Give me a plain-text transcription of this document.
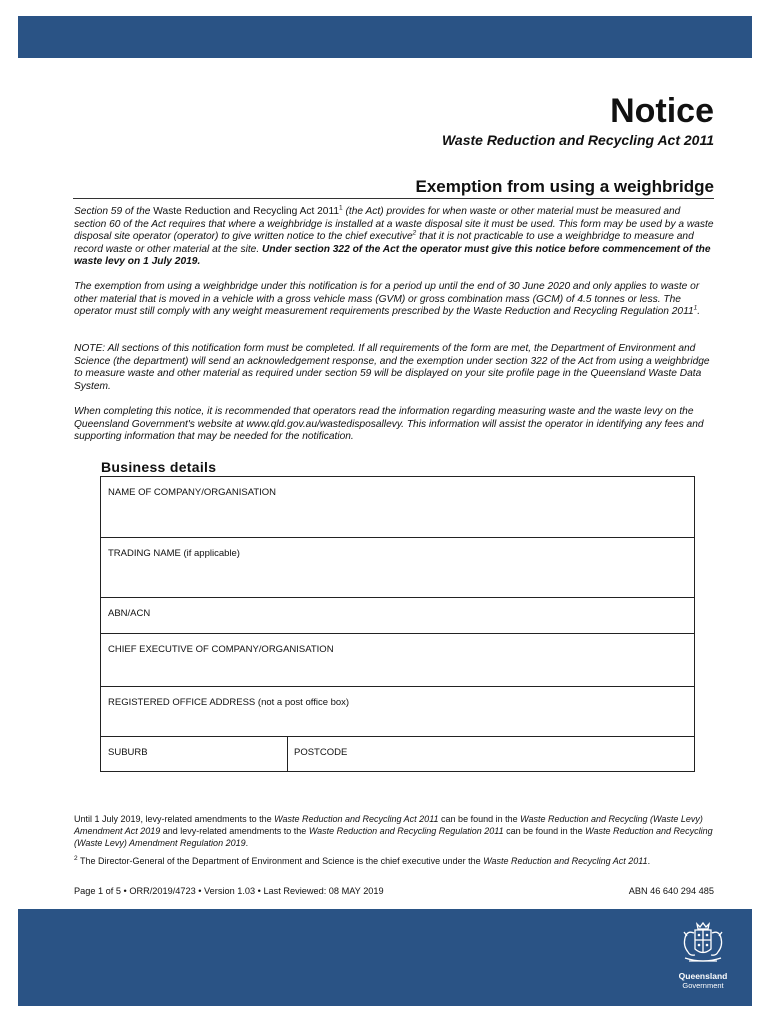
Notice
Waste Reduction and Recycling Act 2011
Exemption from using a weighbridge

Section 59 of the Waste Reduction and Recycling Act 2011$^1$ (the Act) provides for when waste or other material must be measured and section 60 of the Act requires that where a weighbridge is installed at a waste disposal site it must be used. This form may be used by a waste disposal site operator (operator) to give written notice to the chief executive$^2$ that it is not practicable to use a weighbridge to measure and record waste or other material at the site. Under section 322 of the Act the operator must give this notice before commencement of the waste levy on 1 July 2019.

The exemption from using a weighbridge under this notification is for a period up until the end of 30 June 2020 and only applies to waste or other material that is moved in a vehicle with a gross vehicle mass (GVM) or gross combination mass (GCM) of 4.5 tonnes or less. The operator must still comply with any weight measurement requirements prescribed by the Waste Reduction and Recycling Regulation 2011$^1$.

NOTE: All sections of this notification form must be completed. If all requirements of the form are met, the Department of Environment and Science (the department) will send an acknowledgement response, and the exemption under section 322 of the Act from using a weighbridge to measure waste and other material as required under section 59 will be displayed on your site profile page in the Queensland Waste Data System.

When completing this notice, it is recommended that operators read the information regarding measuring waste and the waste levy on the Queensland Government's website at www.qld.gov.au/wastedisposallevy. This information will assist the operator in identifying any fees and supporting information that may be needed for the notification.

Business details
NAME OF COMPANY/ORGANISATION
TRADING NAME (if applicable)
ABN/ACN
CHIEF EXECUTIVE OF COMPANY/ORGANISATION
REGISTERED OFFICE ADDRESS (not a post office box)
SUBURB	POSTCODE

Until 1 July 2019, levy-related amendments to the Waste Reduction and Recycling Act 2011 can be found in the Waste Reduction and Recycling (Waste Levy) Amendment Act 2019 and levy-related amendments to the Waste Reduction and Recycling Regulation 2011 can be found in the Waste Reduction and Recycling (Waste Levy) Amendment Regulation 2019.

$^2$ The Director-General of the Department of Environment and Science is the chief executive under the Waste Reduction and Recycling Act 2011.

Page 1 of 5 • ORR/2019/4723 • Version 1.03 • Last Reviewed: 08 MAY 2019	ABN 46 640 294 485
Queensland
Government
